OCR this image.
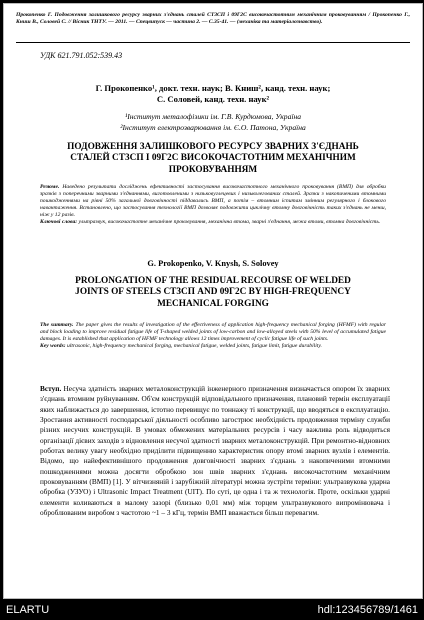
Прокопенко Г. Подовження залишкового ресурсу зварних з'єднань сталей СТ3СП і 09Г2С високочастотним механічним проковуванням / Прокопенко Г., Книш В., Соловей С. // Вісник ТНТУ. — 2011. — Спецвипуск — частина 2. — С.35-41. — (механіка та матеріалознавство).
УДК 621.791.052:539.43
Г. Прокопенко¹, докт. техн. наук; В. Книш², канд. техн. наук;
С. Соловей, канд. техн. наук²
¹Інститут металофізики ім. Г.В. Курдюмова, Україна
²Інститут електрозварювання ім. Є.О. Патона, Україна
ПОДОВЖЕННЯ ЗАЛИШКОВОГО РЕСУРСУ ЗВАРНИХ З'ЄДНАНЬ
СТАЛЕЙ СТ3СП І 09Г2С ВИСОКОЧАСТОТНИМ МЕХАНІЧНИМ
ПРОКОВУВАННЯМ
Резюме. Наведено результати досліджень ефективності застосування високочастотного механічного проковування (ВМП) для обробки зразків з поперечними зварними з'єднаннями, виготовленими з низьковуглецевих і низьколегованих сталей. Зразки з накопиченими втомними пошкодженнями на рівні 50% загальної довговічності піддавались ВМП, а потім – втомним іспитам змінним регулярного і блокового навантаження. Встановлено, що застосування технології ВМП дозволяє подовжити циклічну втомну довговічність таких з'єднань не менш, ніж у 12 разів.
Ключові слова: ультразвук, високочастотне механічне проковування, механічна втома, зварні з'єднання, межа втоми, втомна довговічність.
G. Prokopenko, V. Knysh, S. Solovey
PROLONGATION OF THE RESIDUAL RECOURSE OF WELDED
JOINTS OF STEELS СТ3СП AND 09Г2С BY HIGH-FREQUENCY
MECHANICAL FORGING
The summary. The paper gives the results of investigation of the effectiveness of application high-frequency mechanical forging (HFMF) with regular and block loading to improve residual fatigue life of T-shaped welded joints of low-carbon and low-alloyed steels with 50% level of accumulated fatigue damages. It is established that application of HFMF technology allows 12 times improvement of cyclic fatigue life of such joints.
Key words: ultrasonic, high-frequency mechanical forging, mechanical fatigue, welded joints, fatigue limit, fatigue durability.
Вступ. Несуча здатність зварних металоконструкцій інженерного призначення визначається опором їх зварних з'єднань втомним руйнуванням. Об'єм конструкцій відповідального призначення, плановий термін експлуатації яких наближається до завершення, істотно перевищує по тоннажу ті конструкції, що вводяться в експлуатацію. Зростання активності господарської діяльності особливо загострює необхідність продовження терміну служби різних несучих конструкцій. В умовах обмежених матеріальних ресурсів і часу важлива роль відводиться організації дієвих заходів з відновлення несучої здатності зварних металоконструкцій. При ремонтно-відновних роботах велику увагу необхідно приділити підвищенню характеристик опору втомі зварних вузлів і елементів. Відомо, що найефективнішого продовження довговічності зварних з'єднань з накопиченими втомними пошкодженнями можна досягти обробкою зон швів зварних з'єднань високочастотним механічним проковуванням (ВМП) [1]. У вітчизняній і зарубіжній літературі можна зустріти терміни: ультразвукова ударна обробка (УЗУО) і Ultrasonic Impact Treatment (UIT). По суті, це одна і та ж технологія. Проте, оскільки ударні елементи коливаються в малому зазорі (близько 0,01 мм) між торцем ультразвукового випромінювача і оброблюваним виробом з частотою ~1 – 3 кГц, термін ВМП вважається більш перевагим.
ELARTU	hdl:123456789/1461
